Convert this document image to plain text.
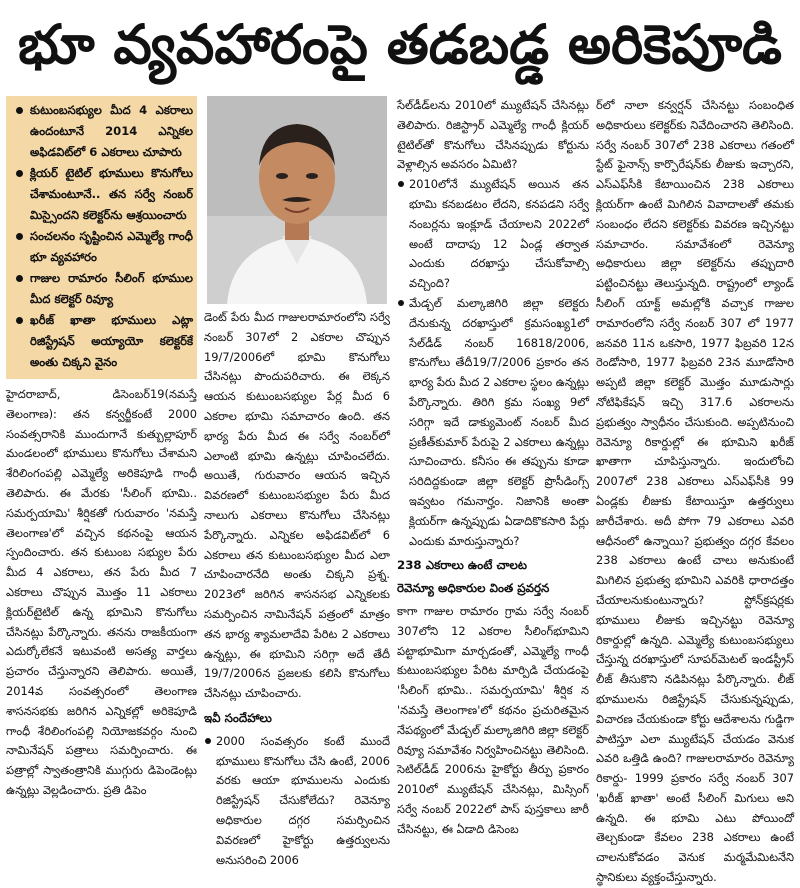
భూ వ్యవహారంపై తడబడ్డ అరికెపూడి
కుటుంబసభ్యుల మీద 4 ఎకరాలు ఉందంటూనే 2014 ఎన్నికల అఫిడవిట్‌లో 6 ఎకరాలు చూపారు
క్లియర్ టైటిల్ భూములు కొనుగోలు చేశామంటూనే.. తన సర్వే నంబర్ మిస్సైందని కలెక్టర్‌ను ఆశ్రయించారు
సంచలనం సృష్టించిన ఎమ్మెల్యే గాంధీ భూ వ్యవహారం
గాజుల రామారం సీలింగ్ భూముల మీద కలెక్టర్ రివ్యూ
ఖరీజ్ ఖాతా భూములు ఎట్లా రిజిస్ట్రేషన్ అయ్యాయో కలెక్టర్‌కే అంతు చిక్కని వైనం

హైదరాబాద్, డిసెంబర్19(నమస్తే తెలంగాణ): తన కన్వర్జీకంటే 2000 సంవత్సరానికి ముందుగానే కుత్బుల్లాపూర్ మండలంలో భూములు కొనుగోలు చేశామని శేరిలింగంపల్లి ఎమ్మెల్యే అరికెపూడి గాంధీ తెలిపారు. ఈ మేరకు 'సీలింగ్ భూమి.. సమర్పయామి' శీర్షికతో గురువారం 'నమస్తే తెలంగాణ'లో వచ్చిన కథనంపై ఆయన స్పందించారు. తన కుటుంబ సభ్యుల పేరు మీద 4 ఎకరాలు, తన పేరు మీద 7 ఎకరాలు చొప్పున మొత్తం 11 ఎకరాలు క్లియర్‌టైటిల్ ఉన్న భూమిని కొనుగోలు చేసినట్లు పేర్కొన్నారు. తనను రాజకీయంగా ఎదుర్కోలేకనే ఇటువంటి అసత్య వార్తలు ప్రచారం చేస్తున్నారని తెలిపారు. అయితే, 2014వ సంవత్సరంలో తెలంగాణ శాసనసభకు జరిగిన ఎన్నికల్లో అరికెపూడి గాంధీ శేరిలింగంపల్లి నియోజకవర్గం నుంచి నామినేషన్ పత్రాలు సమర్పించారు. ఈ పత్రాల్లో స్వాతంత్రానికి ముగ్గురు డిపెండెంట్లు ఉన్నట్లు వెల్లడించారు. ప్రతి డిపెం

డెంట్ పేరు మీద గాజులరామారంలోని సర్వే నంబర్ 307లో 2 ఎకరాల చొప్పున 19/7/2006లో భూమి కొనుగోలు చేసినట్లు పొందుపరిచారు. ఈ లెక్కన ఆయన కుటుంబసభ్యుల పేర్ల మీద 6 ఎకరాల భూమి సమాచారం ఉంది. తన భార్య పేరు మీద ఈ సర్వే నంబర్‌లో ఎలాంటి భూమి ఉన్నట్లు చూపించలేదు. అయితే, గురువారం ఆయన ఇచ్చిన వివరణలో కుటుంబసభ్యుల పేరు మీద నాలుగు ఎకరాలు కొనుగోలు చేసినట్లు పేర్కొన్నారు. ఎన్నికల అఫిడవిట్‌లో 6 ఎకరాలు తన కుటుంబసభ్యుల మీద ఎలా చూపించారనేది అంతు చిక్కని ప్రశ్న. 2023లో జరిగిన శాసనసభ ఎన్నికలకు సమర్పించిన నామినేషన్ పత్రంలో మాత్రం తన భార్య శ్యామలాదేవి పేరిట 2 ఎకరాలు ఉన్నట్లు, ఈ భూమిని సరిగ్గా అదే తేదీ 19/7/2006న ప్రజలకు కలిసి కొనుగోలు చేసినట్లు చూపించారు.

ఇవీ సందేహాలు

2000 సంవత్సరం కంటే ముందే భూములు కొనుగోలు చేసి ఉంటే, 2006 వరకు ఆయా భూములను ఎందుకు రిజిస్ట్రేషన్ చేసుకోలేదు? రెవెన్యూ అధికారుల దగ్గర సమర్పించిన వివరణలో హైకోర్టు ఉత్తర్వులను అనుసరించి 2006

సేల్‌డీడ్‌లను 2010లో మ్యుటేషన్ చేసినట్లు తెలిపారు. రిజిస్ట్రార్ ఎమ్మెల్యే గాంధీ క్లియర్ టైటిల్‌తో కొనుగోలు చేసినప్పుడు కోర్టును వెళ్లాల్సిన అవసరం ఏమిటి?

2010లోనే మ్యుటేషన్ అయిన తన భూమి కనబడటం లేదని, కనపడని సర్వే నంబర్లను ఇంక్లూడ్ చేయాలని 2022లో అంటే దాదాపు 12 ఏండ్ల తర్వాత ఎందుకు దరఖాస్తు చేసుకోవాల్సి వచ్చింది?

మేడ్చల్ మల్కాజిగిరి జిల్లా కలెక్టరు దేనుకున్న దరఖాస్తులో క్రమసంఖ్య1లో సేల్‌డీడ్ నంబర్ 16818/2006, కొనుగోలు తేదీ19/7/2006 ప్రకారం తన భార్య పేరు మీద 2 ఎకరాల స్థలం ఉన్నట్లు పేర్కొన్నారు. తిరిగి క్రమ సంఖ్య 9లో సరిగ్గా ఇదే డాక్యుమెంట్ నంబర్ మీద ప్రణీత్‌కుమార్ పేరుపై 2 ఎకరాలు ఉన్నట్లు సూచించారు. కనీసం ఈ తప్పును కూడా సరిదిద్దకుండా జిల్లా కలెక్టర్ ప్రొసీడింగ్స్ ఇవ్వటం గమనార్హం. నిజానికి అంతా క్లియర్‌గా ఉన్నప్పుడు ఏడాదికొకసారి పేర్లు ఎందుకు మారుస్తున్నారు?

238 ఎకరాలు ఉంటే చాలట
రెవెన్యూ అధికారుల వింత ప్రవర్తన

కాగా గాజుల రామారం గ్రామ సర్వే నంబర్ 307లోని 12 ఎకరాల సీలింగ్‌భూమిని పట్టాభూమిగా మార్చడంతో, ఎమ్మెల్యే గాంధీ కుటుంబసభ్యుల పేరిట మార్పిడి చేయడంపై 'సీలింగ్ భూమి.. సమర్పయామి' శీర్షిక న 'నమస్తే తెలంగాణ'లో కథనం ప్రచురితమైన నేపథ్యంలో మేడ్చల్ మల్కాజిగిరి జిల్లా కలెక్టర్ రివ్యూ సమావేశం నిర్వహించినట్టు తెలిసింది. సెటిల్‌డీడ్ 2006ను హైకోర్టు తీర్పు ప్రకారం 2010లో మ్యుటేషన్ చేసినట్లు, మిస్సింగ్ సర్వే నంబర్ 2022లో పాస్ పుస్తకాలు జారీ చేసినట్టు, ఈ ఏడాది డిసెంబ

ర్‌లో నాలా కన్వర్షన్ చేసినట్టు సంబంధిత అధికారులు కలెక్టర్‌కు నివేదించారని తెలిసింది. సర్వే నంబర్ 307లో 238 ఎకరాలు గతంలో స్టేట్ ఫైనాన్స్ కార్పొరేషన్‌కు లీజుకు ఇచ్చారని, ఎస్‌ఎఫ్‌సీకి కేటాయించిన 238 ఎకరాలు క్లియర్‌గా ఉంటే మిగిలిన వివాదాలతో తమకు సంబంధం లేదని కలెక్టర్‌కు వివరణ ఇచ్చినట్టు సమాచారం. సమావేశంలో రెవెన్యూ అధికారులు జిల్లా కలెక్టర్‌ను తప్పుదారి పట్టించినట్టు తెలుస్తున్నది. రాష్ట్రంలో ల్యాండ్ సీలింగ్ యాక్ట్ అమల్లోకి వచ్చాక గాజుల రామారంలోని సర్వే నంబర్ 307 లో 1977 జనవరి 11న ఒకసారి, 1977 ఫిబ్రవరి 12న రెండోసారి, 1977 ఫిబ్రవరి 23న మూడోసారి అప్పటి జిల్లా కలెక్టర్ మొత్తం మూడుసార్లు నోటిఫికేషన్ ఇచ్చి 317.6 ఎకరాలను ప్రభుత్వం స్వాధీనం చేసుకుంది. అప్పటినుంచి రెవెన్యూ రికార్డుల్లో ఈ భూమిని ఖరీజ్ ఖాతాగా చూపిస్తున్నారు. ఇందులోంచి 2007లో 238 ఎకరాలు ఎస్ఎఫ్‌సీకి 99 ఏండ్లకు లీజుకు కేటాయిస్తూ ఉత్తర్వులు జారీచేశారు. అదీ పోగా 79 ఎకరాలు ఎవరి ఆధీనంలో ఉన్నాయి? ప్రభుత్వం దగ్గర కేవలం 238 ఎకరాలు ఉంటే చాలు అనుకుంటే మిగిలిన ప్రభుత్వ భూమిని ఎవరికి ధారాదత్తం చేయాలనుకుంటున్నారు? స్టోన్‌క్రషర్లకు భూములు లీజుకు ఇచ్చినట్టు రెవెన్యూ రికార్డుల్లో ఉన్నది. ఎమ్మెల్యే కుటుంబసభ్యులు చేస్తున్న దరఖాస్తులో సూపర్‌మెటల్ ఇండస్ట్రీస్ లీజ్ తీసుకొని నడిపినట్లు పేర్కొన్నారు. లీజ్ భూములను రిజిస్ట్రేషన్ చేసుకున్నప్పుడు, విచారణ చేయకుండా కోర్టు ఆదేశాలను గుడ్డిగా పాటిస్తూ ఎలా మ్యుటేషన్ చేయడం వెనుక ఎవరి ఒత్తిడి ఉంది? గాజులరామారం రెవెన్యూ రికార్డు- 1999 ప్రకారం సర్వే నంబర్ 307 'ఖరీజ్ ఖాతా' అంటే సీలింగ్ మిగులు అని ఉన్నది. ఈ భూమి ఎటు పోయిందో తెల్చకుండా కేవలం 238 ఎకరాలు ఉంటే చాలనుకోవడం వెనుక మర్మమేమిటనేని స్థానికులు వ్యక్తంచేస్తున్నారు.
